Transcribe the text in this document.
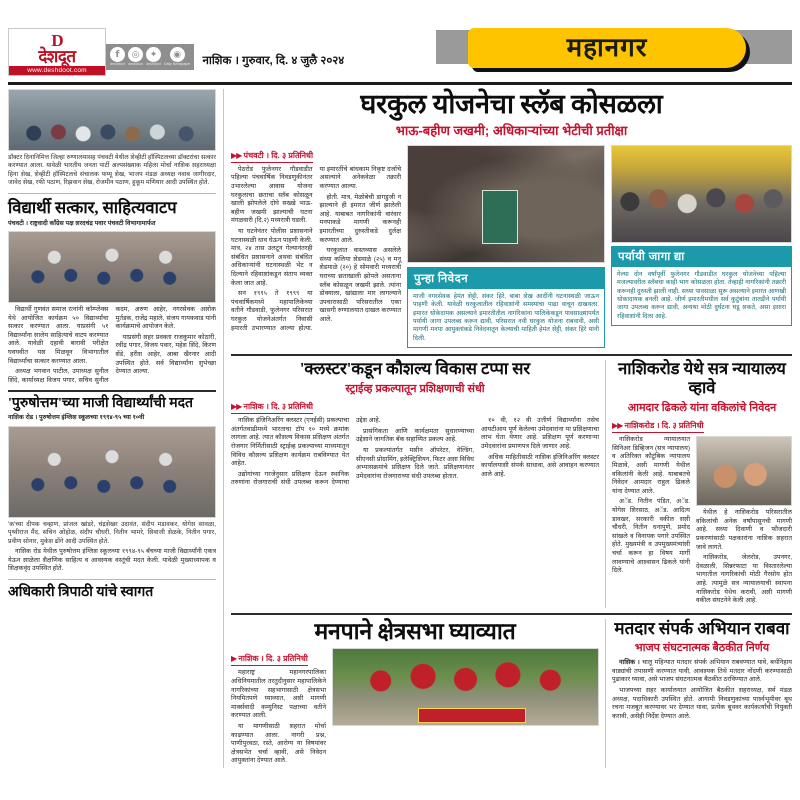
D
देशदूत
www.deshdoot.com
f
deshdoot
◎
deshdoot
✦
deshdoot
◉
Daily Newspaper नाशिक । गुरुवार, दि. ४ जुलै २०२४	महानगर
डॉक्टर दिनानिमित्त जिल्हा रुग्णालयासह पंचवटी येथील शेव्हीटी हॉस्पिटलच्या डॉक्टरांचा सत्कार करण्यात आला. यावेळी भारतीय जनता पार्टी अल्पसंख्याक महिला मोर्चा नाशिक शहराध्यक्षा हिना शेख, शेव्हीटी हॉस्पिटलचे संचालक फय्यू शेख, भाजप मंडळ अध्यक्ष नवाब जागीरदार, जावेद शेख, रफी पठाण, रिझवान शेख, रोजमीन पठाण, हुकूम मणियार आदी उपस्थित होते.
विद्यार्थी सत्कार, साहित्यवाटप
पंचवटी । राष्ट्रवादी कॉंग्रेस पक्ष शरदचंद्र पवार पंचवटी विभागामार्फत

विद्यार्थी गुणवंत समाज रत्नांनी कॉम्प्लेक्स येथे आयोजित कार्यक्रम ५० विद्यार्थ्यांचा सत्कार करण्यात आला. याप्रसंगी ५१ विद्यार्थ्यांना शालेय साहित्याचे वाटप करण्यात आले. यावेळी दहावी बारावी परीक्षेत घवघवीत यश मिळवून विभागातील विद्यार्थ्यांचा सत्कार करण्यात आला.

अध्यक्ष भगवान पाटील, उपाध्यक्ष सुनील शिंदे, कार्याध्यक्ष विजय पगार, सचिव सुनील कदम, अरुण आहेर, नगरसेवक अशोक मुर्तडक, राजेंद्र महाले, संजय गायकवाड यांनी कार्यक्रमाचे आयोजन केले.

याप्रसंगी शहर प्रवक्ता राजकुमार कोठारी, रवींद्र पगार, विजय पवार, महेश शिंदे, किरण शेंडे, हरीश आहेर, आबा खैरनार आदी उपस्थित होते. सर्व विद्यार्थ्यांना शुभेच्छा देण्यात आल्या.

'पुरुषोत्तम'च्या माजी विद्यार्थ्यांची मदत
नाशिक रोड । पुरुषोत्तम इंग्लिश स्कूलच्या १९९४-९५ च्या १०वी
'क'च्या दीपक चव्हाण, प्रांजल खांडरे, चंद्रशेखर उदावंत, संदीप मडावकर, योगेश सावळा, पृथ्वीराज मैंद, सचिन ओहोळ, संदीप चौधरी, नितीन भामरे, शिवाजी शेळके, नितीन पगार, प्रवीण सोनार, मुकेश ढोंगे आदी उपस्थित होते.

नाशिक रोड येथील पुरुषोत्तम इंग्लिश स्कूलच्या १९९४-९५ बॅचच्या माजी विद्यार्थ्यांनी एकत्र येऊन शाळेला शैक्षणिक साहित्य व आवश्यक वस्तूंची मदत केली. यावेळी मुख्याध्यापक व शिक्षकवृंद उपस्थित होते.

अधिकारी त्रिपाठी यांचे स्वागत
घरकुल योजनेचा स्लॅब कोसळला
भाऊ-बहीण जखमी; अधिकाऱ्यांच्या भेटीची प्रतीक्षा
▶▶ पंचवटी । दि. ३ प्रतिनिधी

पेठरोड फुलेनगर गौडवाडीत पहिल्या पंचवार्षिक निवडणुकीनंतर उभारलेल्या आवास योजना घरकुलाचा छताचा स्लॅब कोसळून खाली झोपलेले दोघे सख्खे भाऊ-बहीण जखमी झाल्याची घटना मंगळवारी (दि.२) मध्यरात्री घडली.

या घटनेनंतर पोलीस प्रशासनाने घटनास्थळी धाव घेऊन पाहणी केली. मात्र, २४ तास उलटून गेल्यानंतरही संबंधित प्रशासनाने अथवा संबंधित अधिकाऱ्यांनी घटनास्थळी भेट न दिल्याने रहिवाशांकडून संताप व्यक्त केला जात आहे.

सन १९९५ ते १९९९ या पंचवार्षिकमध्ये महापालिकेच्या वतीने गौडवाडी, फुलेनगर परिसरात घरकुल योजनेअंतर्गत निवासी इमारती उभारण्यात आल्या होत्या. या इमारतींचे बांधकाम निकृष्ट दर्जाचे असल्याने अनेकवेळा तक्रारी करण्यात आल्या.

होती. मात्र, मेळोबेची डागडुजी न झाल्याने ही इमारत जीर्ण झालेली आहे. याबाबत नागरिकांनी वारंवार मनपाकडे मागणी करूनही इमारतीच्या दुरुस्तीकडे दुर्लक्ष करण्यात आले.

घरकुलात वास्तव्यास असलेले संध्या कलिया शेडमाळे (२५) व मनू शेडमाळे (२०) हे सोमवारी मध्यरात्री घराच्या छताखाली झोपले असताना स्लॅब कोसळून जखमी झाले. त्यांना डोक्याला, खांद्याला मार लागल्याने उपचारासाठी परिसरातील एका खासगी रुग्णालयात दाखल करण्यात आले.

पुन्हा निवेदन
माजी नगरसेवक हेमंत शेट्टी, शंकर हिरे, बाबा शेख आदींनी घटनास्थळी जाऊन पाहणी केली. यावेळी घरकुलातील रहिवाशांनी समस्यांचा पाढा वाचून दाखवला. इमारत धोकेदायक असल्याने इमारतीतील नागरिकांना पालिकेकडून पावसाळ्यापर्यंत पर्यायी जागा उपलब्ध करून द्यावी, परिसरात नवी घरकुल योजना राबवावी, अशी मागणी मनपा आयुक्तांकडे निवेदनातून केल्याची माहिती हेमंत शेट्टी, शंकर हिरे यांनी दिली.
पर्यायी जागा द्या
गेल्या दोन वर्षांपूर्वी फुलेनगर गौडवाडीत घरकुल योजनेच्या पहिल्या मजल्यावरील स्लॅबचा काही भाग कोसळला होता. तेव्हाही नागरिकांनी तक्रारी करूनही दुरुस्ती झाली नाही. सध्या पावसाळा सुरू असल्याने इमारत आणखी धोकादायक बनली आहे. जीर्ण इमारतीमधील सर्व कुटुंबांना तातडीने पर्यायी जागा उपलब्ध करून द्यावी, अन्यथा मोठी दुर्घटना घडू शकते, असा इशारा रहिवाशांनी दिला आहे.
'क्लस्टर'कडून कौशल्य विकास टप्पा सर
स्ट्राईव्ह प्रकल्पातून प्रशिक्षणाची संधी
▶▶ नाशिक । दि. ३ प्रतिनिधी

नाशिक इंजिनिअरिंग क्लस्टर (एनईसी) प्रकल्पाचा अंतर्गतवाढीमध्ये भारताचा टॉप १० मध्ये क्रमांक लागला आहे. त्यात कौशल्य विकास प्रशिक्षण अंतर्गत रोजगार निर्मितीसाठी स्ट्राईव्ह प्रकल्पाच्या माध्यमातून विविध कौशल्य प्रशिक्षण कार्यक्रम राबविण्यात येत आहेत.

उद्योगांच्या गरजेनुसार प्रशिक्षण देऊन स्थानिक तरुणांना रोजगाराची संधी उपलब्ध करून देण्याचा उद्देश आहे.

प्रासंगिकता आणि कार्यक्षमता सुधारण्याच्या उद्देशाने जागतिक बँक सहाय्यित प्रकल्प आहे.

या प्रकल्पांतर्गत मशीन ऑपरेटर, वेल्डिंग, सीएनसी प्रोग्रामिंग, इलेक्ट्रिशियन, फिटर अशा विविध अभ्यासक्रमांचे प्रशिक्षण दिले जाते. प्रशिक्षणानंतर उमेदवारांना रोजगाराच्या संधी उपलब्ध होतात.

१० वी, १२ वी उत्तीर्ण विद्यार्थ्यांना तसेच आयटीआय पूर्ण केलेल्या उमेदवारांना या प्रशिक्षणाचा लाभ घेता येणार आहे. प्रशिक्षण पूर्ण करणाऱ्या उमेदवारांना प्रमाणपत्र दिले जाणार आहे.

अधिक माहितीसाठी नाशिक इंजिनिअरिंग क्लस्टर कार्यालयाशी संपर्क साधावा, असे आवाहन करण्यात आले आहे.

नाशिकरोड येथे सत्र न्यायालय व्हावे
आमदार ढिकले यांना वकिलांचे निवेदन
▶▶ नाशिकरोड । दि. ३ प्रतिनिधी

नाशिकरोड न्यायालयात सिनिअर डिव्हिजन (सत्र न्यायालय) व अतिरिक्त कौटुंबिक न्यायालय मिळावे, अशी मागणी येथील वकिलांनी केली आहे. याबाबतचे निवेदन आमदार राहुल ढिकले यांना देण्यात आले.

अॅड. नितीन पंडित, अॅड. योगेश शिरसाठ, अॅड. आदित्य डावखर, सरकारी वकील शशी चौधरी, नितीन धनापुणे, प्रमोद सांखले व विनायक पगारे उपस्थित होते. मुख्यमंत्री व उपमुख्यमंत्र्यांशी चर्चा करून हा विषय मार्गी लावण्याचे आश्वासन ढिकले यांनी दिले.

येथील हे नाशिकरोड परिसरातील वकिलांची अनेक वर्षांपासूनची मागणी आहे. सध्या दिवाणी व फौजदारी प्रकरणांसाठी पक्षकारांना नाशिक शहरात जावे लागते.

नाशिकरोड, जेलरोड, उपनगर, देवळाली, सिन्नरफाटा या विस्तारलेल्या भागातील नागरिकांची मोठी गैरसोय होत आहे. त्यामुळे सत्र न्यायालयाची स्थापना नाशिकरोड येथेच करावी, अशी मागणी वकील संघटनेने केली आहे.

मनपाने क्षेत्रसभा घ्याव्यात
▶ नाशिक । दि. ३ प्रतिनिधी

महाराष्ट्र महानगरपालिका अधिनियमातील तरतुदीनुसार महापालिकेने नागरिकांच्या सहभागासाठी क्षेत्रसभा नियमितपणे घ्याव्यात, अशी मागणी मार्क्सवादी कम्युनिस्ट पक्षाच्या वतीने करण्यात आली.

या मागणीसाठी शहरात मोर्चा काढण्यात आला. नागरी प्रश्न, पाणीपुरवठा, रस्ते, आरोग्य या विषयांवर क्षेत्रसभेत चर्चा व्हावी, असे निवेदन आयुक्तांना देण्यात आले.

मतदार संपर्क अभियान राबवा
भाजप संघटनात्मक बैठकीत निर्णय

नाशिक । चालू महिन्यात मतदार संपर्क अभियान राबवण्यात यावे, बर्थनिहाय वाड्यांची तपासणी करण्यात यावी, आवश्यक तिथे मतदार नोंदणी करण्यासाठी पुढाकार घ्यावा, असे भाजप संघटनात्मक बैठकीत ठरविण्यात आले.

भाजपच्या शहर कार्यालयात आयोजित बैठकीत शहराध्यक्ष, सर्व मंडळ अध्यक्ष, पदाधिकारी उपस्थित होते. आगामी निवडणुकांच्या पार्श्वभूमीवर बूथ रचना मजबूत करण्यावर भर देण्यात यावा, प्रत्येक बूथवर कार्यकर्त्यांची नियुक्ती करावी, असेही निर्देश देण्यात आले.
